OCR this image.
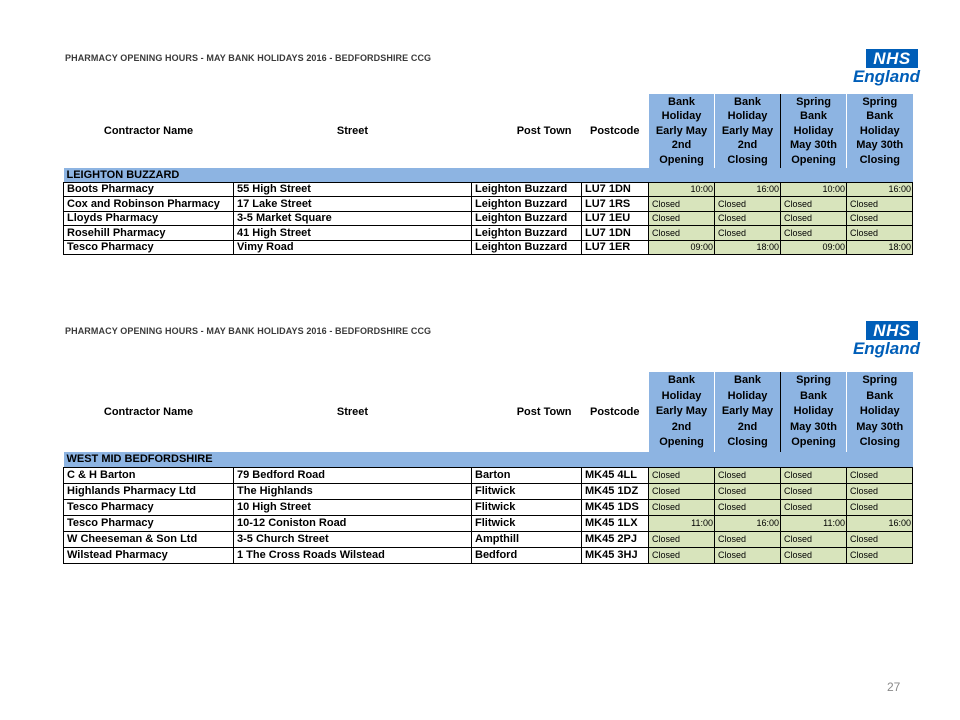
PHARMACY OPENING HOURS - MAY BANK HOLIDAYS 2016 - BEDFORDSHIRE CCG	NHS
England
Contractor Name	Street	Post Town	Postcode	Bank
Holiday
Early May
2nd
Opening	Bank
Holiday
Early May
2nd
Closing	Spring
Bank
Holiday
May 30th
Opening	Spring
Bank
Holiday
May 30th
Closing
LEIGHTON BUZZARD							
Boots Pharmacy	55 High Street	Leighton Buzzard	LU7 1DN	10:00	16:00	10:00	16:00
Cox and Robinson Pharmacy	17 Lake Street	Leighton Buzzard	LU7 1RS	Closed	Closed	Closed	Closed
Lloyds Pharmacy	3-5 Market Square	Leighton Buzzard	LU7 1EU	Closed	Closed	Closed	Closed
Rosehill Pharmacy	41 High Street	Leighton Buzzard	LU7 1DN	Closed	Closed	Closed	Closed
Tesco Pharmacy	Vimy Road	Leighton Buzzard	LU7 1ER	09:00	18:00	09:00	18:00
PHARMACY OPENING HOURS - MAY BANK HOLIDAYS 2016 - BEDFORDSHIRE CCG	NHS
England
Contractor Name	Street	Post Town	Postcode	Bank
Holiday
Early May
2nd
Opening	Bank
Holiday
Early May
2nd
Closing	Spring
Bank
Holiday
May 30th
Opening	Spring
Bank
Holiday
May 30th
Closing
WEST MID BEDFORDSHIRE							
C & H Barton	79 Bedford Road	Barton	MK45 4LL	Closed	Closed	Closed	Closed
Highlands Pharmacy Ltd	The Highlands	Flitwick	MK45 1DZ	Closed	Closed	Closed	Closed
Tesco Pharmacy	10 High Street	Flitwick	MK45 1DS	Closed	Closed	Closed	Closed
Tesco Pharmacy	10-12 Coniston Road	Flitwick	MK45 1LX	11:00	16:00	11:00	16:00
W Cheeseman & Son Ltd	3-5 Church Street	Ampthill	MK45 2PJ	Closed	Closed	Closed	Closed
Wilstead Pharmacy	1 The Cross Roads Wilstead	Bedford	MK45 3HJ	Closed	Closed	Closed	Closed
27
